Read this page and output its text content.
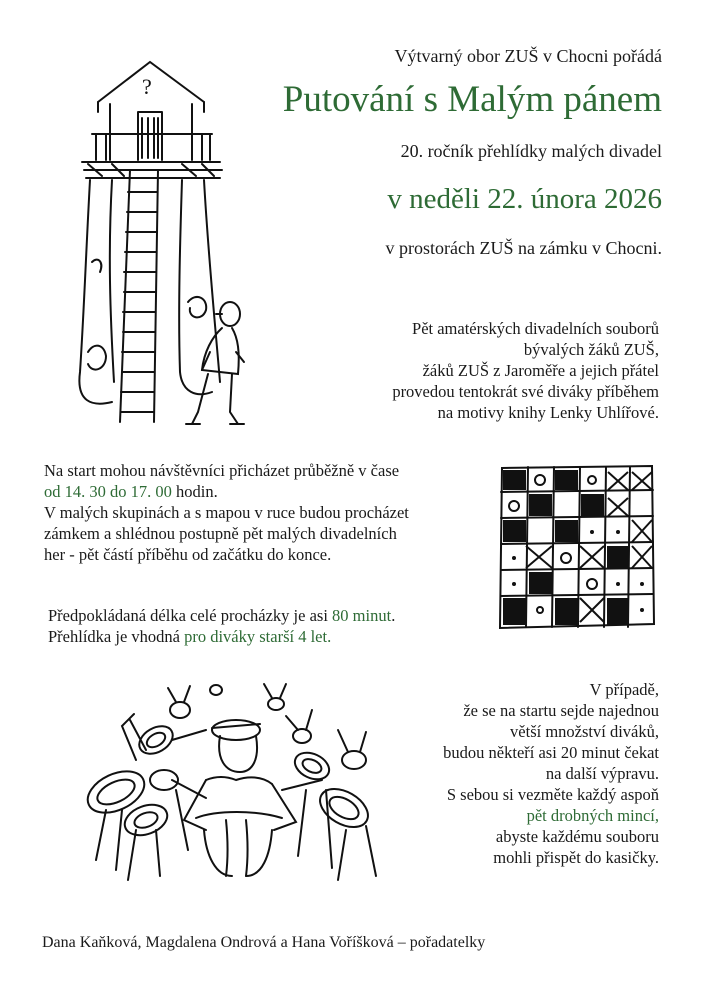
Výtvarný obor ZUŠ v Chocni pořádá
Putování s Malým pánem
20. ročník přehlídky malých divadel
v neděli 22. února 2026
v prostorách ZUŠ na zámku v Chocni.
?
Pět amatérských divadelních souborů
bývalých žáků ZUŠ,
žáků ZUŠ z Jaroměře a jejich přátel
provedou tentokrát své diváky příběhem
na motivy knihy Lenky Uhlířové.
Na start mohou návštěvníci přicházet průběžně v čase
od 14. 30 do 17. 00 hodin.
V malých skupinách a s mapou v ruce budou procházet
zámkem a shlédnou postupně pět malých divadelních
her - pět částí příběhu od začátku do konce.
Předpokládaná délka celé procházky je asi 80 minut.
Přehlídka je vhodná pro diváky starší 4 let.
V případě,
že se na startu sejde najednou
větší množství diváků,
budou někteří asi 20 minut čekat
na další výpravu.
S sebou si vezměte každý aspoň
pět drobných mincí,
abyste každému souboru
mohli přispět do kasičky.
Dana Kaňková, Magdalena Ondrová a Hana Voříšková – pořadatelky
